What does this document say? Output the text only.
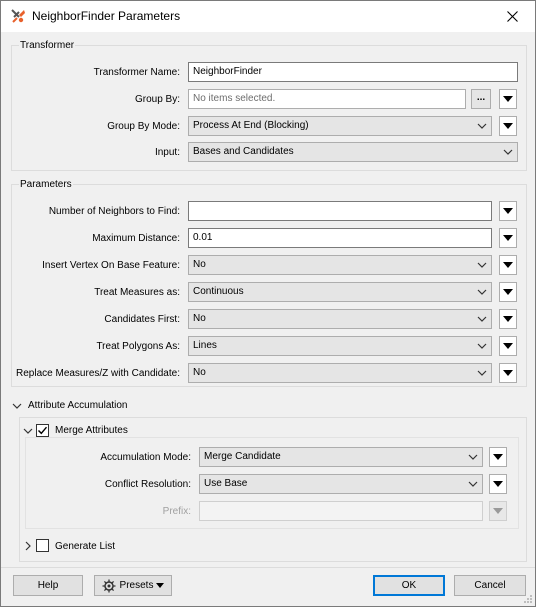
NeighborFinder Parameters
Transformer
Transformer Name:	NeighborFinder
Group By:	No items selected.	...
Group By Mode:	Process At End (Blocking)
Input:	Bases and Candidates
Parameters
Number of Neighbors to Find:
Maximum Distance:	0.01
Insert Vertex On Base Feature:	No
Treat Measures as:	Continuous
Candidates First:	No
Treat Polygons As:	Lines
Replace Measures/Z with Candidate:	No
Attribute Accumulation
Merge Attributes
Accumulation Mode:	Merge Candidate
Conflict Resolution:	Use Base
Prefix:
Generate List
Help	Presets	OK	Cancel
